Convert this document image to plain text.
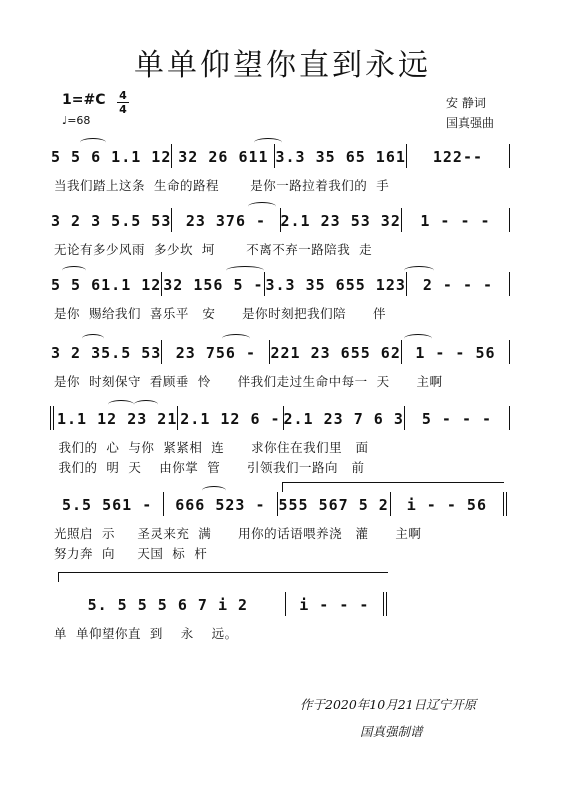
单单仰望你直到永远
1=#C 4
4
♩=68
安 静词
国真强曲
5 5 6 1.1 12 32 26 611 3.3 35 65 161	122--
当我们踏上这条  生命的路程       是你一路拉着我们的  手
3 2 3 5.5 53 23 376 - 2.1 23 53 32	1 - - -
无论有多少风雨  多少坎  坷       不离不弃一路陪我  走
5 5 61.1 12 32 156 5 - 3.3 35 655 123	2 - - -
是你  赐给我们  喜乐平   安      是你时刻把我们陪      伴
3 2 35.5 53 23 756 - 221 23 655 62 1 - - 56
是你  时刻保守  看顾垂  怜      伴我们走过生命中每一  天      主啊
1.1 12 23 21 2.1 12 6 - 2.1 23 7 6 3	5 - - -
我们的  心  与你  紧紧相  连      求你住在我们里   面
我们的  明  天    由你掌  管      引领我们一路向   前
5.5 561 -	666 523 - 555 567 5 2	i - - 56
光照启  示     圣灵来充  满      用你的话语喂养浇   灌      主啊
努力奔  向     天国  标  杆
5. 5 5 5 6 7 i 2	i - - -
单  单仰望你直  到    永    远。
作于2020年10月21日辽宁开原
国真强制谱
